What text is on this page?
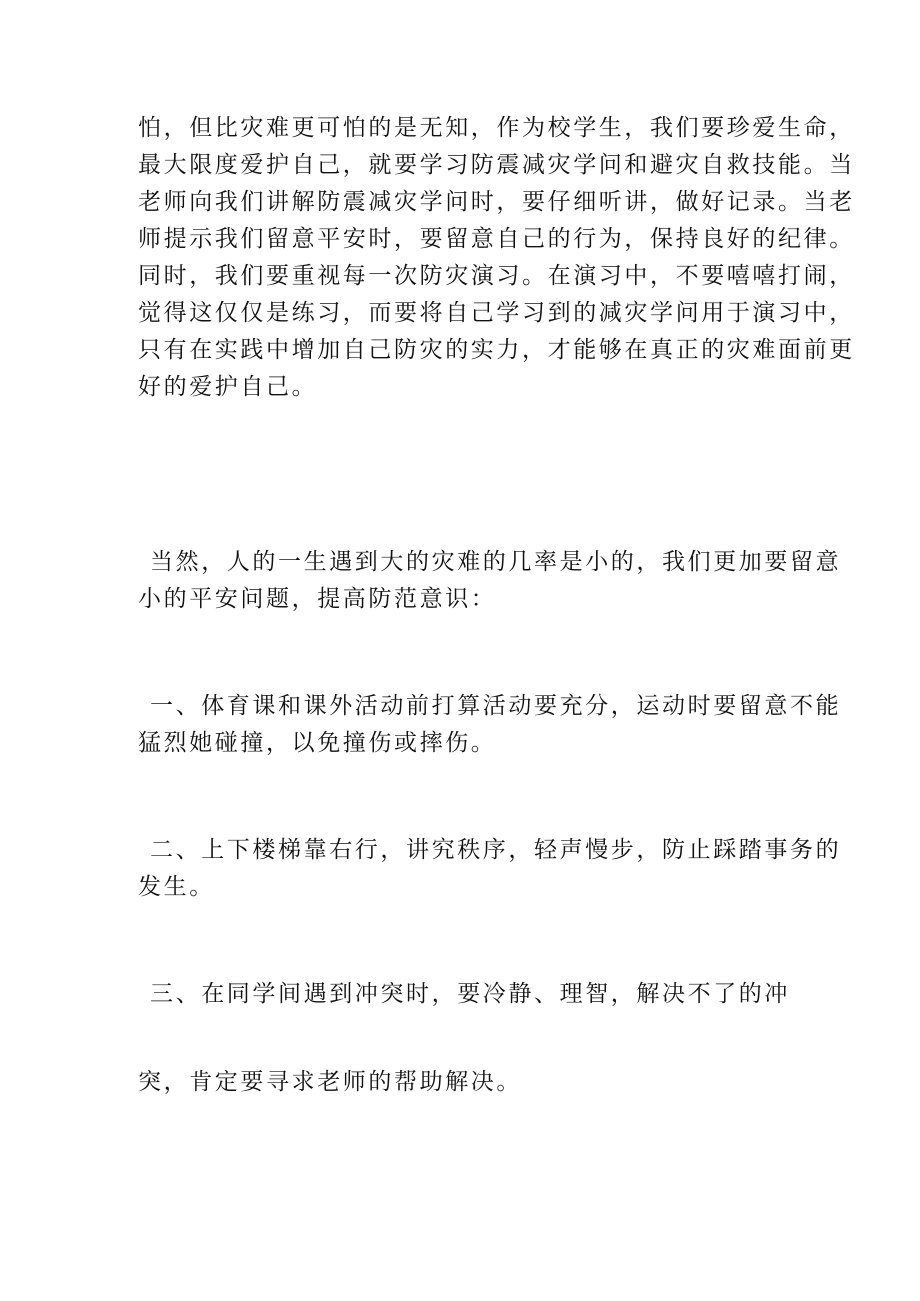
怕，但比灾难更可怕的是无知，作为校学生，我们要珍爱生命，
最大限度爱护自己，就要学习防震减灾学问和避灾自救技能。当
老师向我们讲解防震减灾学问时，要仔细听讲，做好记录。当老
师提示我们留意平安时，要留意自己的行为，保持良好的纪律。
同时，我们要重视每一次防灾演习。在演习中，不要嘻嘻打闹，
觉得这仅仅是练习，而要将自己学习到的减灾学问用于演习中，
只有在实践中增加自己防灾的实力，才能够在真正的灾难面前更
好的爱护自己。
当然，人的一生遇到大的灾难的几率是小的，我们更加要留意
小的平安问题，提高防范意识：
一、体育课和课外活动前打算活动要充分，运动时要留意不能
猛烈她碰撞，以免撞伤或摔伤。
二、上下楼梯靠右行，讲究秩序，轻声慢步，防止踩踏事务的
发生。
三、在同学间遇到冲突时，要冷静、理智，解决不了的冲
突，肯定要寻求老师的帮助解决。
